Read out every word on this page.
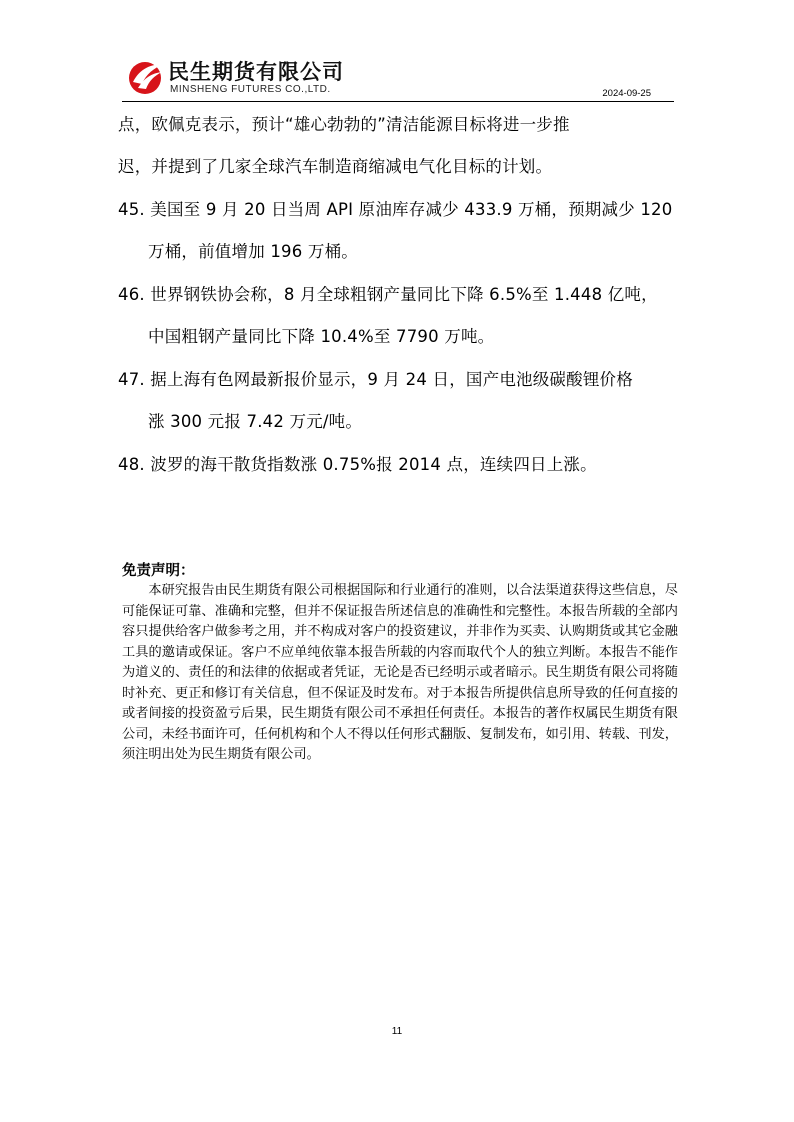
民生期货有限公司
MINSHENG FUTURES CO.,LTD.	2024-09-25
点，欧佩克表示，预计“雄心勃勃的”清洁能源目标将进一步推
迟，并提到了几家全球汽车制造商缩减电气化目标的计划。
45. 美国至 9 月 20 日当周 API 原油库存减少 433.9 万桶，预期减少 120
万桶，前值增加 196 万桶。
46. 世界钢铁协会称，8 月全球粗钢产量同比下降 6.5%至 1.448 亿吨，
中国粗钢产量同比下降 10.4%至 7790 万吨。
47. 据上海有色网最新报价显示，9 月 24 日，国产电池级碳酸锂价格
涨 300 元报 7.42 万元/吨。
48. 波罗的海干散货指数涨 0.75%报 2014 点，连续四日上涨。
免责声明：

本研究报告由民生期货有限公司根据国际和行业通行的准则，以合法渠道获得这些信息，尽可能保证可靠、准确和完整，但并不保证报告所述信息的准确性和完整性。本报告所载的全部内容只提供给客户做参考之用，并不构成对客户的投资建议，并非作为买卖、认购期货或其它金融工具的邀请或保证。客户不应单纯依靠本报告所载的内容而取代个人的独立判断。本报告不能作为道义的、责任的和法律的依据或者凭证，无论是否已经明示或者暗示。民生期货有限公司将随时补充、更正和修订有关信息，但不保证及时发布。对于本报告所提供信息所导致的任何直接的或者间接的投资盈亏后果，民生期货有限公司不承担任何责任。本报告的著作权属民生期货有限公司，未经书面许可，任何机构和个人不得以任何形式翻版、复制发布，如引用、转载、刊发，须注明出处为民生期货有限公司。

11
